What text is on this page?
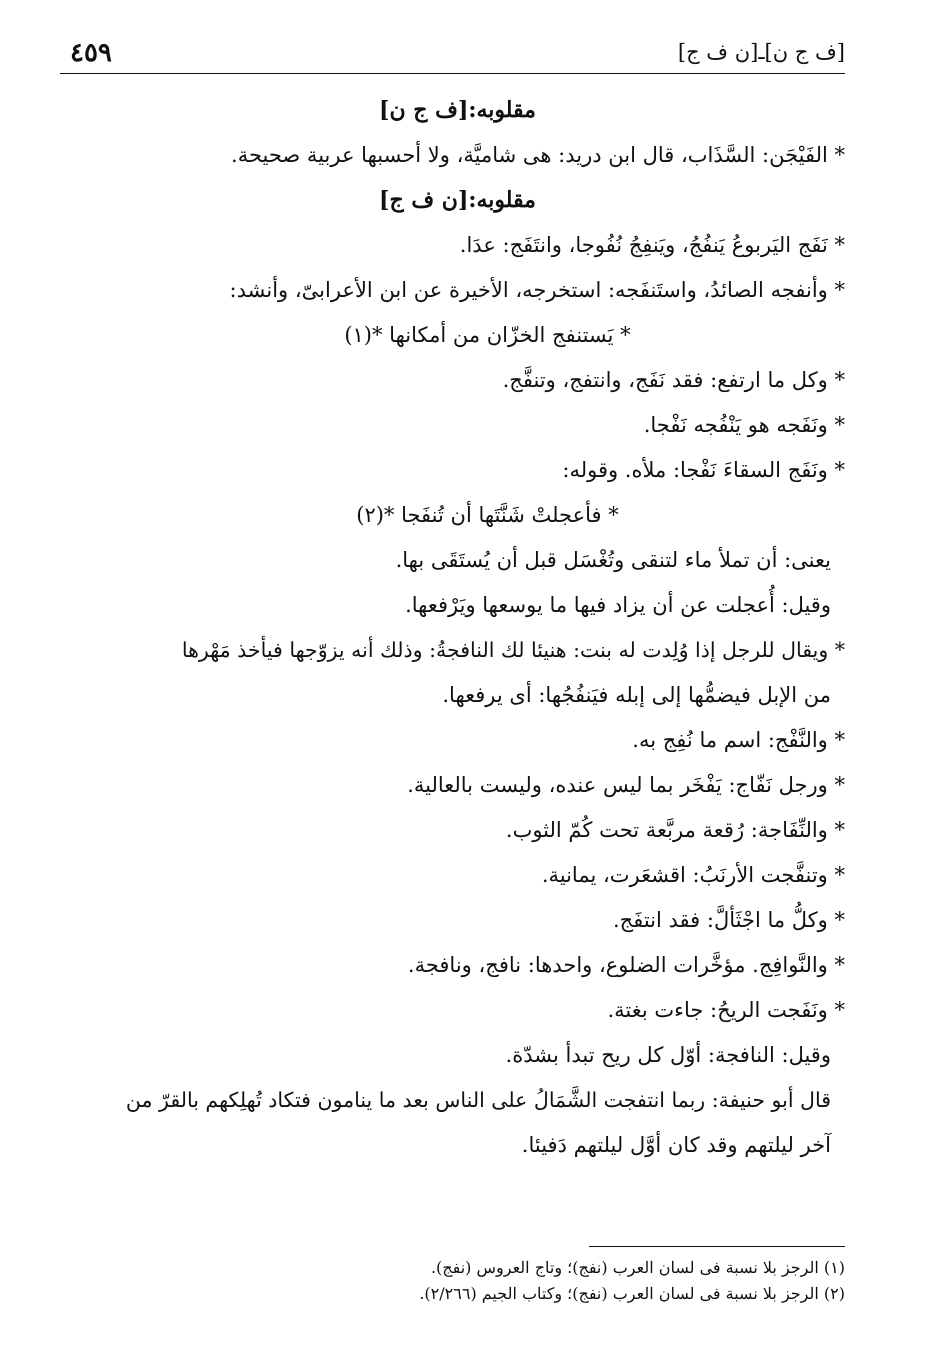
٤٥٩	[ف ج ن]ـ[ن ف ج]
مقلوبه:[ف ج ن]
* الفَيْجَن: السَّذَاب، قال ابن دريد: هى شاميَّة، ولا أحسبها عربية صحيحة.
مقلوبه:[ن ف ج]
* نَفَج اليَربوعُ يَنفُجُ، ويَنفِجُ نُفُوجا، وانتَفَج: عدَا.
* وأنفجه الصائدُ، واستَنفَجه: استخرجه، الأخيرة عن ابن الأعرابىّ، وأنشد:
* يَستنفج الخزّان من أمكانها *(١)
* وكل ما ارتفع: فقد نَفَج، وانتفج، وتنفَّج.
* ونَفَجه هو يَنْفُجه نَفْجا.
* ونَفَج السقاءَ نَفْجا: ملأه. وقوله:
* فأعجلتْ شَنَّتَها أن تُنفَجا *(٢)
يعنى: أن تملأ ماء لتنقى وتُغْسَل قبل أن يُستَقَى بها.
وقيل: أُعجلت عن أن يزاد فيها ما يوسعها ويَرْفعها.
* ويقال للرجل إذا وُلِدت له بنت: هنيئا لك النافجةُ: وذلك أنه يزوّجها فيأخذ مَهْرها
من الإبل فيضمُّها إلى إبله فيَنفُجُها: أى يرفعها.
* والنَّفْج: اسم ما نُفِج به.
* ورجل نَفّاج: يَفْخَر بما ليس عنده، وليست بالعالية.
* والنِّفَاجة: رُقعة مربَّعة تحت كُمّ الثوب.
* وتنفَّجت الأرنَبُ: اقشعَرت، يمانية.
* وكلُّ ما اجْثَألَّ: فقد انتفَج.
* والنَّوافِج. مؤخَّرات الضلوع، واحدها: نافج، ونافجة.
* ونَفَجت الريحُ: جاءت بغتة.
وقيل: النافجة: أوّل كل ريح تبدأ بشدّة.
قال أبو حنيفة: ربما انتفجت الشَّمَالُ على الناس بعد ما ينامون فتكاد تُهلِكهم بالقرّ من
آخر ليلتهم وقد كان أوَّل ليلتهم دَفيئا.
(١) الرجز بلا نسبة فى لسان العرب (نفج)؛ وتاج العروس (نفج).
(٢) الرجز بلا نسبة فى لسان العرب (نفج)؛ وكتاب الجيم (٢/٢٦٦).
